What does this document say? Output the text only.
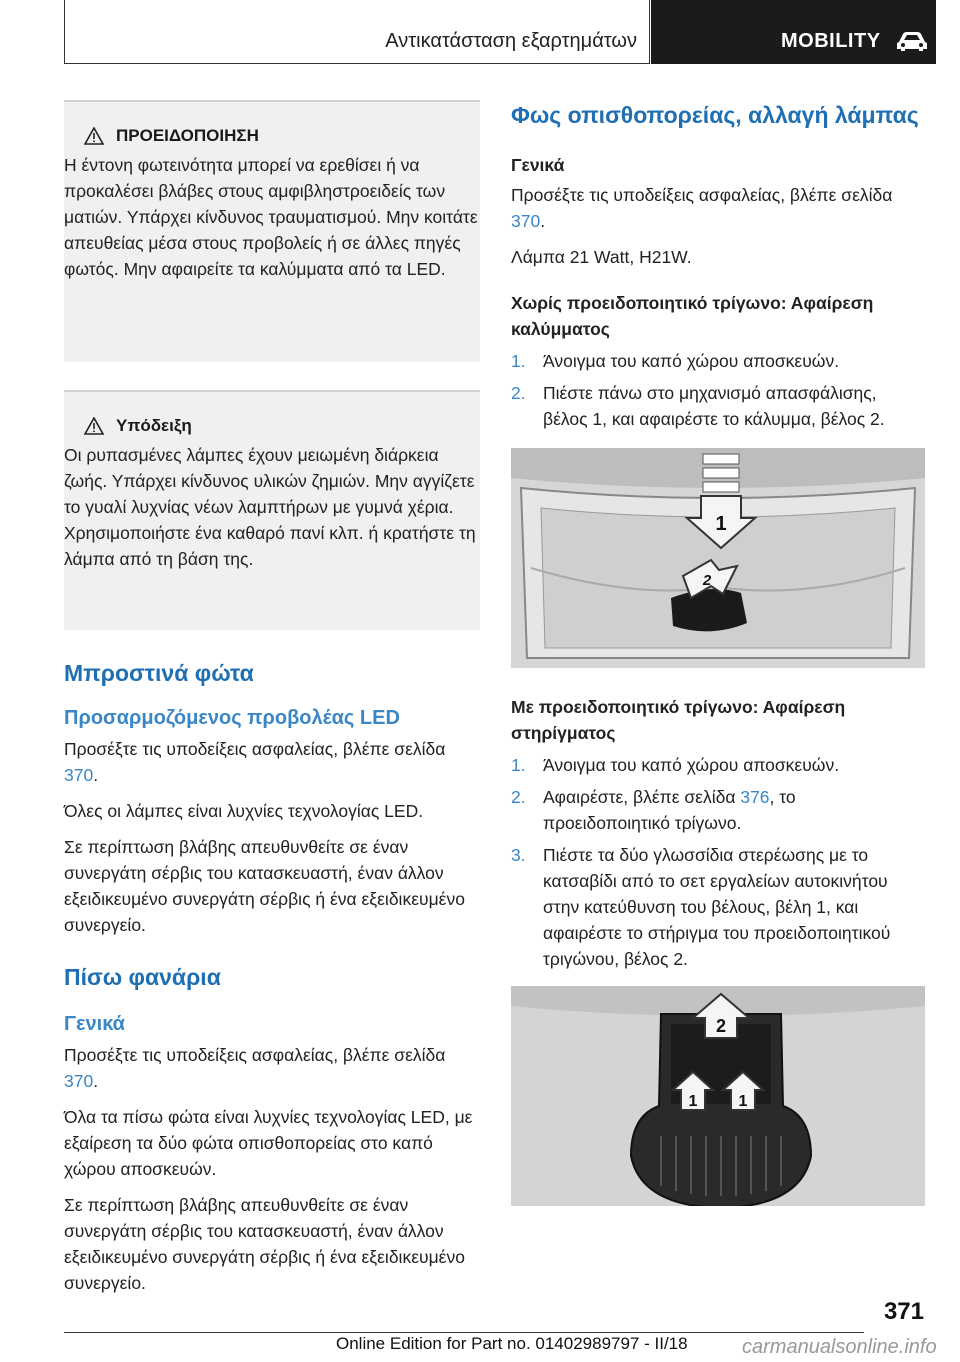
Αντικατάσταση εξαρτημάτων	MOBILITY
ΠΡΟΕΙΔΟΠΟΙΗΣΗ

Η έντονη φωτεινότητα μπορεί να ερεθίσει ή να προκαλέσει βλάβες στους αμφιβληστροειδείς των ματιών. Υπάρχει κίνδυνος τραυματισμού. Μην κοιτάτε απευθείας μέσα στους προβολείς ή σε άλλες πηγές φωτός. Μην αφαιρείτε τα καλύμματα από τα LED.

Υπόδειξη

Οι ρυπασμένες λάμπες έχουν μειωμένη διάρκεια ζωής. Υπάρχει κίνδυνος υλικών ζημιών. Μην αγγίζετε το γυαλί λυχνίας νέων λαμπτήρων με γυμνά χέρια. Χρησιμοποιήστε ένα καθαρό πανί κλπ. ή κρατήστε τη λάμπα από τη βάση της.

Μπροστινά φώτα
Προσαρμοζόμενος προβολέας LED

Προσέξτε τις υποδείξεις ασφαλείας, βλέπε σελίδα 370.

Όλες οι λάμπες είναι λυχνίες τεχνολογίας LED.

Σε περίπτωση βλάβης απευθυνθείτε σε έναν συνεργάτη σέρβις του κατασκευαστή, έναν άλλον εξειδικευμένο συνεργάτη σέρβις ή ένα εξειδικευμένο συνεργείο.

Πίσω φανάρια
Γενικά

Προσέξτε τις υποδείξεις ασφαλείας, βλέπε σελίδα 370.

Όλα τα πίσω φώτα είναι λυχνίες τεχνολογίας LED, με εξαίρεση τα δύο φώτα οπισθοπορείας στο καπό χώρου αποσκευών.

Σε περίπτωση βλάβης απευθυνθείτε σε έναν συνεργάτη σέρβις του κατασκευαστή, έναν άλλον εξειδικευμένο συνεργάτη σέρβις ή ένα εξειδικευμένο συνεργείο.

Φως οπισθοπορείας, αλλαγή λάμπας
Γενικά

Προσέξτε τις υποδείξεις ασφαλείας, βλέπε σελίδα 370.

Λάμπα 21 Watt, H21W.

Χωρίς προειδοποιητικό τρίγωνο: Αφαίρεση καλύμματος
1. Άνοιγμα του καπό χώρου αποσκευών.
2. Πιέστε πάνω στο μηχανισμό απασφάλισης, βέλος 1, και αφαιρέστε το κάλυμμα, βέλος 2.
1
2
Με προειδοποιητικό τρίγωνο: Αφαίρεση στηρίγματος
1. Άνοιγμα του καπό χώρου αποσκευών.
2. Αφαιρέστε, βλέπε σελίδα 376, το προειδοποιητικό τρίγωνο.
3. Πιέστε τα δύο γλωσσίδια στερέωσης με το κατσαβίδι από το σετ εργαλείων αυτοκινήτου στην κατεύθυνση του βέλους, βέλη 1, και αφαιρέστε το στήριγμα του προειδοποιητικού τριγώνου, βέλος 2.
2
1	1
371
Online Edition for Part no. 01402989797 - II/18	carmanualsonline.info
